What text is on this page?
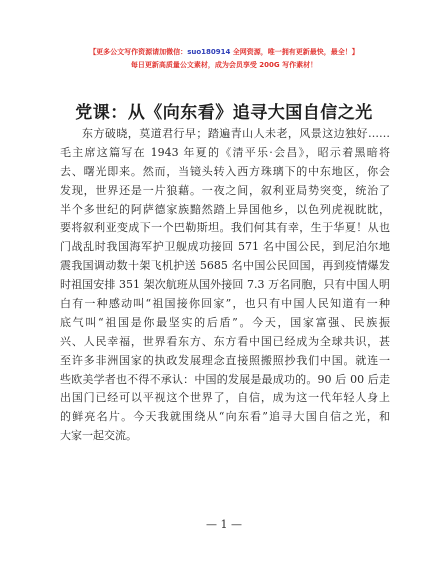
【更多公文写作资源请加微信：suo180914 全网资源，唯一拥有更新最快，最全！】
每日更新高质量公文素材，成为会员享受 200G 写作素材！
党课：从《向东看》追寻大国自信之光
东方破晓，莫道君行早；踏遍青山人未老，风景这边独好……
毛主席这篇写在 1943 年夏的《清平乐·会昌》，昭示着黑暗将
去、曙光即来。然而，当镜头转入西方珠璃下的中东地区，你会
发现，世界还是一片狼藉。一夜之间，叙利亚局势突变，统治了
半个多世纪的阿萨德家族黯然踏上异国他乡，以色列虎视眈眈，
要将叙利亚变成下一个巴勒斯坦。我们何其有幸，生于华夏！从也
门战乱时我国海军护卫舰成功接回 571 名中国公民，到尼泊尔地
震我国调动数十架飞机护送 5685 名中国公民回国，再到疫情爆发
时祖国安排 351 架次航班从国外接回 7.3 万名同胞，只有中国人明
白有一种感动叫“祖国接你回家”，也只有中国人民知道有一种
底气叫“祖国是你最坚实的后盾”。今天，国家富强、民族振
兴、人民幸福，世界看东方、东方看中国已经成为全球共识，甚
至许多非洲国家的执政发展理念直接照搬照抄我们中国。就连一
些欧美学者也不得不承认：中国的发展是最成功的。90 后 00 后走
出国门已经可以平视这个世界了，自信，成为这一代年轻人身上
的鲜亮名片。今天我就围绕从“向东看”追寻大国自信之光，和
大家一起交流。
— 1 —
